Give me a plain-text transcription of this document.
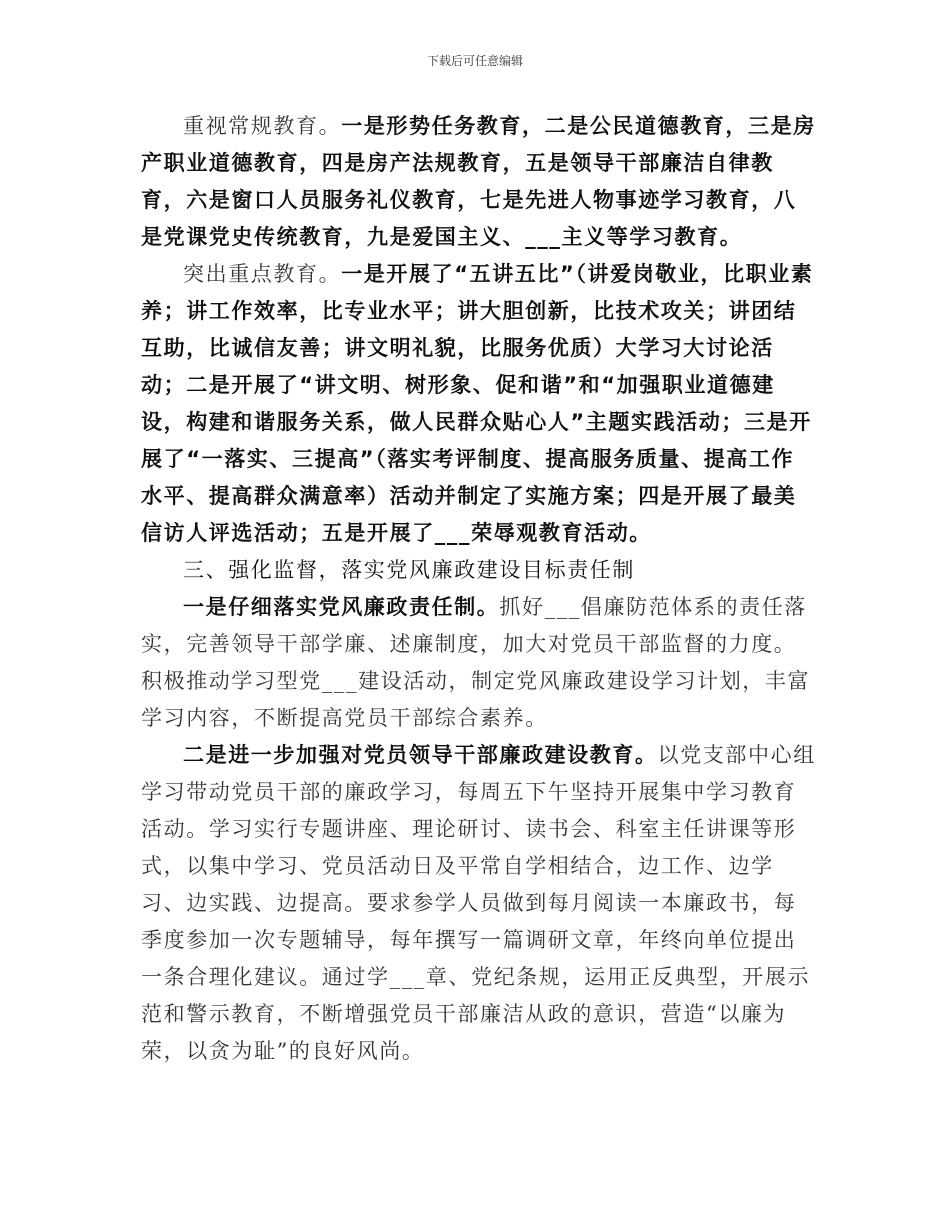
下载后可任意编辑

重视常规教育。一是形势任务教育，二是公民道德教育，三是房产职业道德教育，四是房产法规教育，五是领导干部廉洁自律教育，六是窗口人员服务礼仪教育，七是先进人物事迹学习教育，八是党课党史传统教育，九是爱国主义、___主义等学习教育。

突出重点教育。一是开展了“五讲五比”（讲爱岗敬业，比职业素养；讲工作效率，比专业水平；讲大胆创新，比技术攻关；讲团结互助，比诚信友善；讲文明礼貌，比服务优质）大学习大讨论活动；二是开展了“讲文明、树形象、促和谐”和“加强职业道德建设，构建和谐服务关系，做人民群众贴心人”主题实践活动；三是开展了“一落实、三提高”（落实考评制度、提高服务质量、提高工作水平、提高群众满意率）活动并制定了实施方案；四是开展了最美信访人评选活动；五是开展了___荣辱观教育活动。

三、强化监督，落实党风廉政建设目标责任制

一是仔细落实党风廉政责任制。抓好___倡廉防范体系的责任落实，完善领导干部学廉、述廉制度，加大对党员干部监督的力度。积极推动学习型党___建设活动，制定党风廉政建设学习计划，丰富学习内容，不断提高党员干部综合素养。

二是进一步加强对党员领导干部廉政建设教育。以党支部中心组学习带动党员干部的廉政学习，每周五下午坚持开展集中学习教育活动。学习实行专题讲座、理论研讨、读书会、科室主任讲课等形式，以集中学习、党员活动日及平常自学相结合，边工作、边学习、边实践、边提高。要求参学人员做到每月阅读一本廉政书，每季度参加一次专题辅导，每年撰写一篇调研文章，年终向单位提出一条合理化建议。通过学___章、党纪条规，运用正反典型，开展示范和警示教育，不断增强党员干部廉洁从政的意识，营造“以廉为荣，以贪为耻”的良好风尚。
